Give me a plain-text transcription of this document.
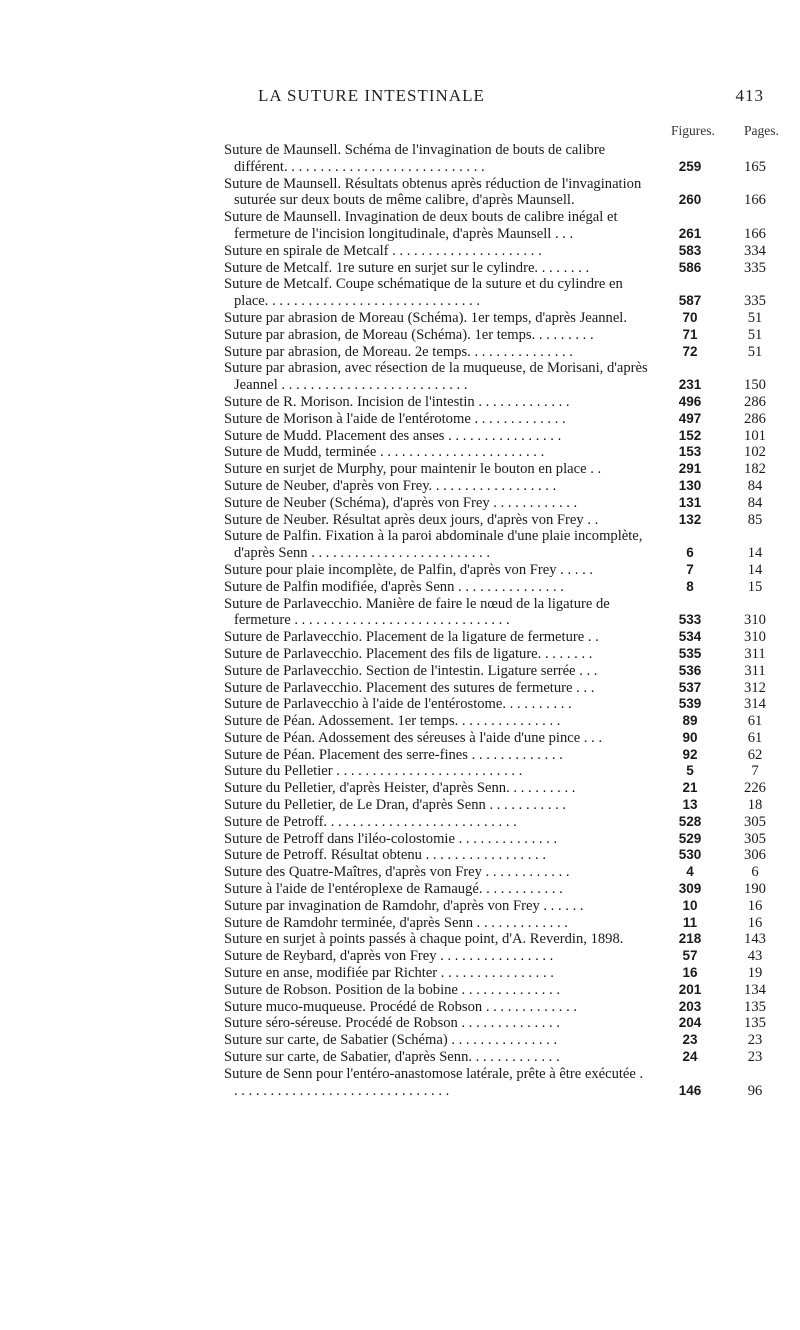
LA SUTURE INTESTINALE	413
Figures. Pages.
Suture de Maunsell. Schéma de l'invagination de bouts de calibre différent. . . . . . . . . . . . . . . . . . . . . . . . . . . .	259	165
Suture de Maunsell. Résultats obtenus après réduction de l'invagination suturée sur deux bouts de même calibre, d'après Maunsell.	260	166
Suture de Maunsell. Invagination de deux bouts de calibre inégal et fermeture de l'incision longitudinale, d'après Maunsell . . .	261	166
Suture en spirale de Metcalf . . . . . . . . . . . . . . . . . . . . .	583	334
Suture de Metcalf. 1re suture en surjet sur le cylindre. . . . . . . .	586	335
Suture de Metcalf. Coupe schématique de la suture et du cylindre en place. . . . . . . . . . . . . . . . . . . . . . . . . . . . . .	587	335
Suture par abrasion de Moreau (Schéma). 1er temps, d'après Jeannel.	70	51
Suture par abrasion, de Moreau (Schéma). 1er temps. . . . . . . . .	71	51
Suture par abrasion, de Moreau. 2e temps. . . . . . . . . . . . . . .	72	51
Suture par abrasion, avec résection de la muqueuse, de Morisani, d'après Jeannel . . . . . . . . . . . . . . . . . . . . . . . . . .	231	150
Suture de R. Morison. Incision de l'intestin . . . . . . . . . . . . .	496	286
Suture de Morison à l'aide de l'entérotome . . . . . . . . . . . . .	497	286
Suture de Mudd. Placement des anses . . . . . . . . . . . . . . . .	152	101
Suture de Mudd, terminée . . . . . . . . . . . . . . . . . . . . . . .	153	102
Suture en surjet de Murphy, pour maintenir le bouton en place . .	291	182
Suture de Neuber, d'après von Frey. . . . . . . . . . . . . . . . . .	130	84
Suture de Neuber (Schéma), d'après von Frey . . . . . . . . . . . .	131	84
Suture de Neuber. Résultat après deux jours, d'après von Frey . .	132	85
Suture de Palfin. Fixation à la paroi abdominale d'une plaie incomplète, d'après Senn . . . . . . . . . . . . . . . . . . . . . . . . .	6	14
Suture pour plaie incomplète, de Palfin, d'après von Frey . . . . .	7	14
Suture de Palfin modifiée, d'après Senn . . . . . . . . . . . . . . .	8	15
Suture de Parlavecchio. Manière de faire le nœud de la ligature de fermeture . . . . . . . . . . . . . . . . . . . . . . . . . . . . . .	533	310
Suture de Parlavecchio. Placement de la ligature de fermeture . .	534	310
Suture de Parlavecchio. Placement des fils de ligature. . . . . . . .	535	311
Suture de Parlavecchio. Section de l'intestin. Ligature serrée . . .	536	311
Suture de Parlavecchio. Placement des sutures de fermeture . . .	537	312
Suture de Parlavecchio à l'aide de l'entérostome. . . . . . . . . .	539	314
Suture de Péan. Adossement. 1er temps. . . . . . . . . . . . . . .	89	61
Suture de Péan. Adossement des séreuses à l'aide d'une pince . . .	90	61
Suture de Péan. Placement des serre-fines . . . . . . . . . . . . .	92	62
Suture du Pelletier . . . . . . . . . . . . . . . . . . . . . . . . . .	5	7
Suture du Pelletier, d'après Heister, d'après Senn. . . . . . . . . .	21	226
Suture du Pelletier, de Le Dran, d'après Senn . . . . . . . . . . .	13	18
Suture de Petroff. . . . . . . . . . . . . . . . . . . . . . . . . . .	528	305
Suture de Petroff dans l'iléo-colostomie . . . . . . . . . . . . . .	529	305
Suture de Petroff. Résultat obtenu . . . . . . . . . . . . . . . . .	530	306
Suture des Quatre-Maîtres, d'après von Frey . . . . . . . . . . . .	4	6
Suture à l'aide de l'entéroplexe de Ramaugé. . . . . . . . . . . .	309	190
Suture par invagination de Ramdohr, d'après von Frey . . . . . .	10	16
Suture de Ramdohr terminée, d'après Senn . . . . . . . . . . . . .	11	16
Suture en surjet à points passés à chaque point, d'A. Reverdin, 1898.	218	143
Suture de Reybard, d'après von Frey . . . . . . . . . . . . . . . .	57	43
Suture en anse, modifiée par Richter . . . . . . . . . . . . . . . .	16	19
Suture de Robson. Position de la bobine . . . . . . . . . . . . . .	201	134
Suture muco-muqueuse. Procédé de Robson . . . . . . . . . . . . .	203	135
Suture séro-séreuse. Procédé de Robson . . . . . . . . . . . . . .	204	135
Suture sur carte, de Sabatier (Schéma) . . . . . . . . . . . . . . .	23	23
Suture sur carte, de Sabatier, d'après Senn. . . . . . . . . . . . .	24	23
Suture de Senn pour l'entéro-anastomose latérale, prête à être exécutée . . . . . . . . . . . . . . . . . . . . . . . . . . . . . . .	146	96
